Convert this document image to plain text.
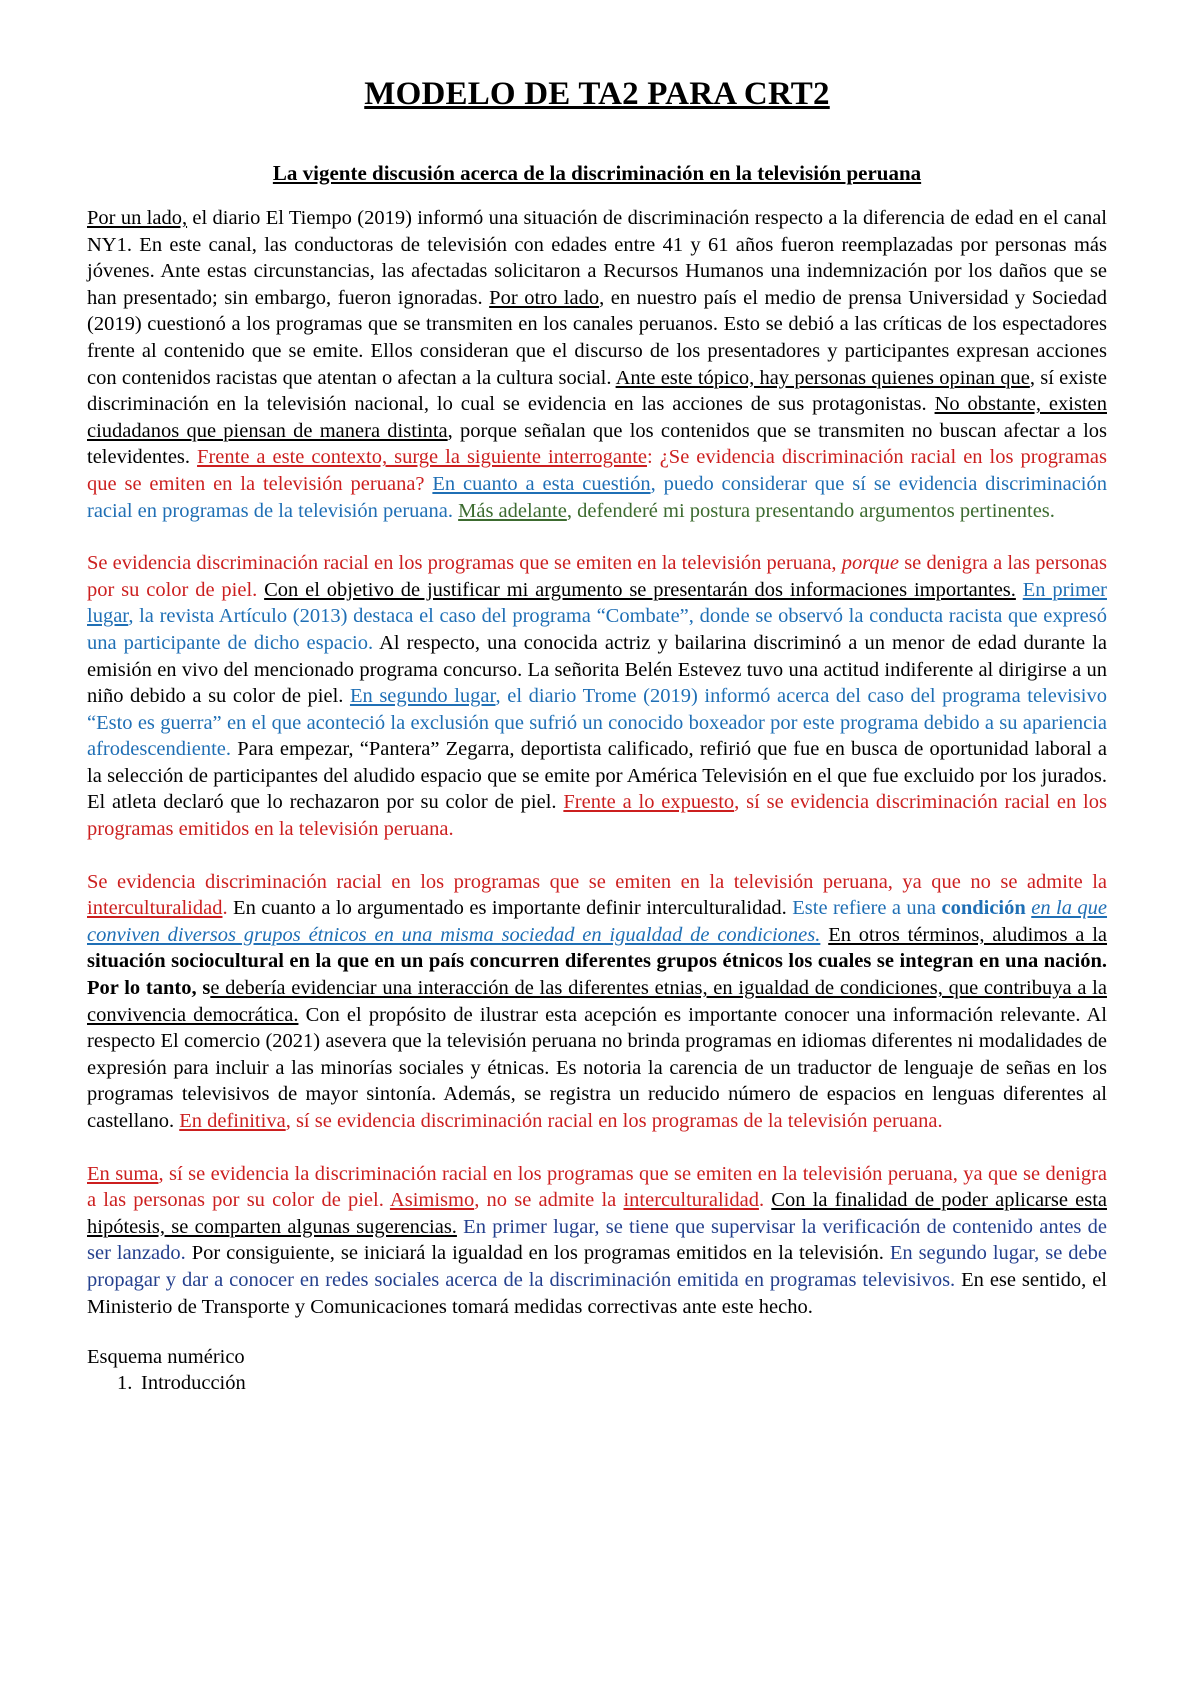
MODELO DE TA2 PARA CRT2
La vigente discusión acerca de la discriminación en la televisión peruana

Por un lado, el diario El Tiempo (2019) informó una situación de discriminación respecto a la diferencia de edad en el canal NY1. En este canal, las conductoras de televisión con edades entre 41 y 61 años fueron reemplazadas por personas más jóvenes. Ante estas circunstancias, las afectadas solicitaron a Recursos Humanos una indemnización por los daños que se han presentado; sin embargo, fueron ignoradas. Por otro lado, en nuestro país el medio de prensa Universidad y Sociedad (2019) cuestionó a los programas que se transmiten en los canales peruanos. Esto se debió a las críticas de los espectadores frente al contenido que se emite. Ellos consideran que el discurso de los presentadores y participantes expresan acciones con contenidos racistas que atentan o afectan a la cultura social. Ante este tópico, hay personas quienes opinan que, sí existe discriminación en la televisión nacional, lo cual se evidencia en las acciones de sus protagonistas. No obstante, existen ciudadanos que piensan de manera distinta, porque señalan que los contenidos que se transmiten no buscan afectar a los televidentes. Frente a este contexto, surge la siguiente interrogante: ¿Se evidencia discriminación racial en los programas que se emiten en la televisión peruana? En cuanto a esta cuestión, puedo considerar que sí se evidencia discriminación racial en programas de la televisión peruana. Más adelante, defenderé mi postura presentando argumentos pertinentes.

Se evidencia discriminación racial en los programas que se emiten en la televisión peruana, porque se denigra a las personas por su color de piel. Con el objetivo de justificar mi argumento se presentarán dos informaciones importantes. En primer lugar, la revista Artículo (2013) destaca el caso del programa “Combate”, donde se observó la conducta racista que expresó una participante de dicho espacio. Al respecto, una conocida actriz y bailarina discriminó a un menor de edad durante la emisión en vivo del mencionado programa concurso. La señorita Belén Estevez tuvo una actitud indiferente al dirigirse a un niño debido a su color de piel. En segundo lugar, el diario Trome (2019) informó acerca del caso del programa televisivo “Esto es guerra” en el que aconteció la exclusión que sufrió un conocido boxeador por este programa debido a su apariencia afrodescendiente. Para empezar, “Pantera” Zegarra, deportista calificado, refirió que fue en busca de oportunidad laboral a la selección de participantes del aludido espacio que se emite por América Televisión en el que fue excluido por los jurados. El atleta declaró que lo rechazaron por su color de piel. Frente a lo expuesto, sí se evidencia discriminación racial en los programas emitidos en la televisión peruana.

Se evidencia discriminación racial en los programas que se emiten en la televisión peruana, ya que no se admite la interculturalidad. En cuanto a lo argumentado es importante definir interculturalidad. Este refiere a una condición en la que conviven diversos grupos étnicos en una misma sociedad en igualdad de condiciones. En otros términos, aludimos a la situación sociocultural en la que en un país concurren diferentes grupos étnicos los cuales se integran en una nación. Por lo tanto, se debería evidenciar una interacción de las diferentes etnias, en igualdad de condiciones, que contribuya a la convivencia democrática. Con el propósito de ilustrar esta acepción es importante conocer una información relevante. Al respecto El comercio (2021) asevera que la televisión peruana no brinda programas en idiomas diferentes ni modalidades de expresión para incluir a las minorías sociales y étnicas. Es notoria la carencia de un traductor de lenguaje de señas en los programas televisivos de mayor sintonía. Además, se registra un reducido número de espacios en lenguas diferentes al castellano. En definitiva, sí se evidencia discriminación racial en los programas de la televisión peruana.

En suma, sí se evidencia la discriminación racial en los programas que se emiten en la televisión peruana, ya que se denigra a las personas por su color de piel. Asimismo, no se admite la interculturalidad. Con la finalidad de poder aplicarse esta hipótesis, se comparten algunas sugerencias. En primer lugar, se tiene que supervisar la verificación de contenido antes de ser lanzado. Por consiguiente, se iniciará la igualdad en los programas emitidos en la televisión. En segundo lugar, se debe propagar y dar a conocer en redes sociales acerca de la discriminación emitida en programas televisivos. En ese sentido, el Ministerio de Transporte y Comunicaciones tomará medidas correctivas ante este hecho.

Esquema numérico

1. Introducción
